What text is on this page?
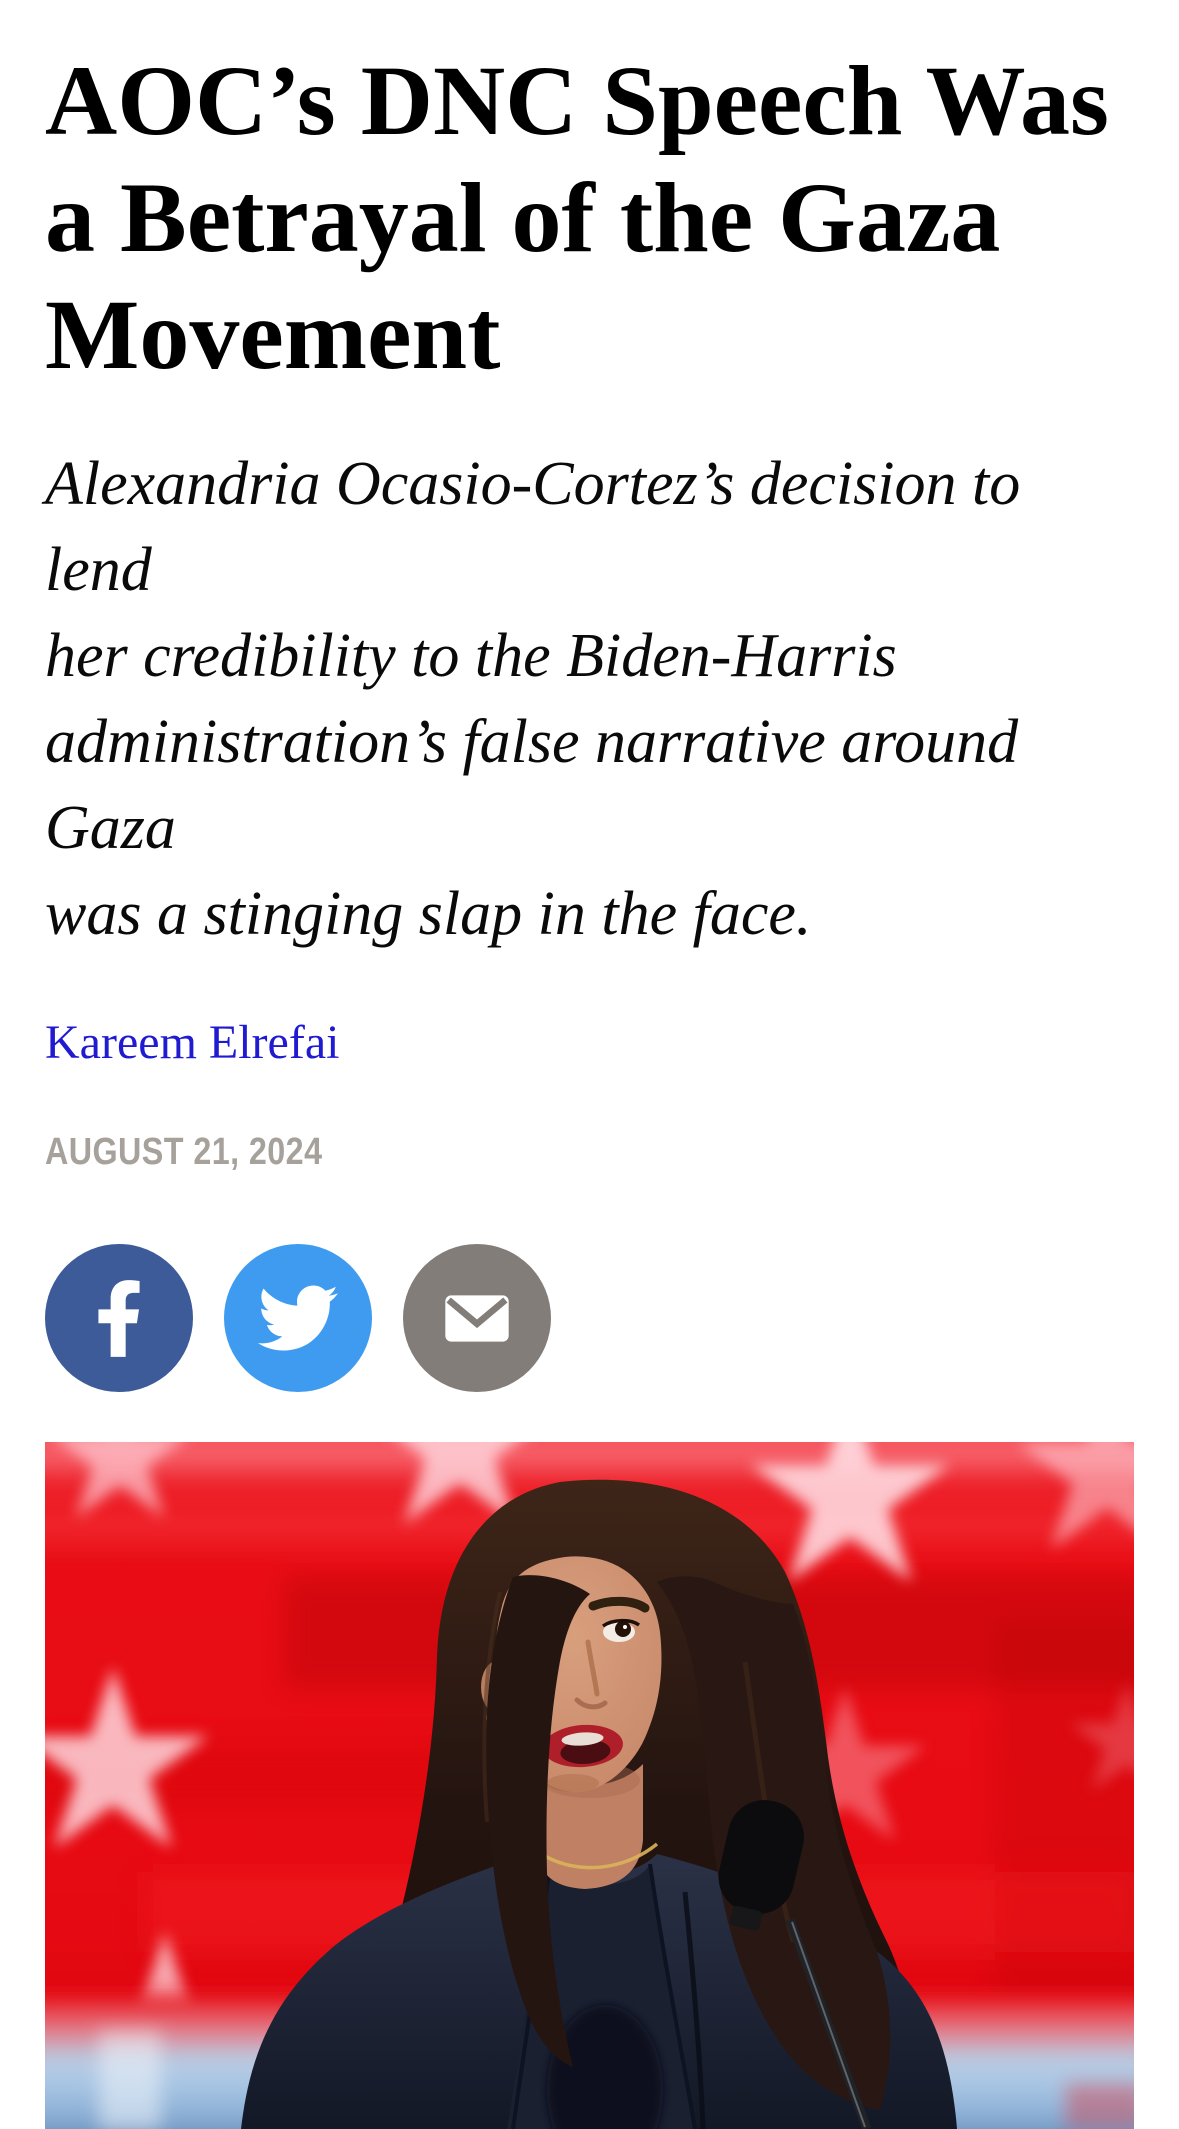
AOC’s DNC Speech Was
a Betrayal of the Gaza
Movement
Alexandria Ocasio-Cortez’s decision to lend
her credibility to the Biden-Harris
administration’s false narrative around Gaza
was a stinging slap in the face.
Kareem Elrefai
AUGUST 21, 2024
